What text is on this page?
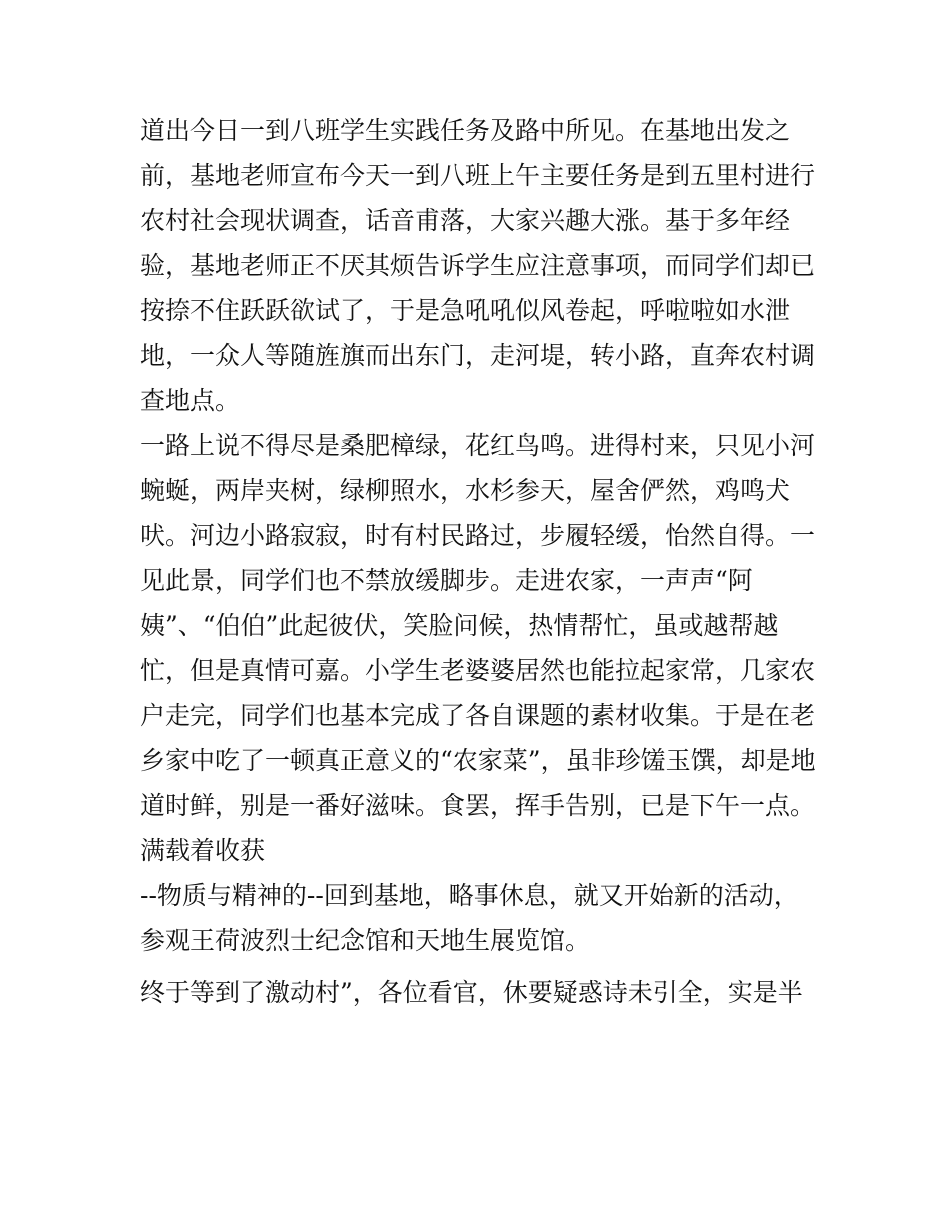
道出今日一到八班学生实践任务及路中所见。在基地出发之
前，基地老师宣布今天一到八班上午主要任务是到五里村进行
农村社会现状调查，话音甫落，大家兴趣大涨。基于多年经
验，基地老师正不厌其烦告诉学生应注意事项，而同学们却已
按捺不住跃跃欲试了，于是急吼吼似风卷起，呼啦啦如水泄
地，一众人等随旌旗而出东门，走河堤，转小路，直奔农村调
查地点。
一路上说不得尽是桑肥樟绿，花红鸟鸣。进得村来，只见小河
蜿蜒，两岸夹树，绿柳照水，水杉参天，屋舍俨然，鸡鸣犬
吠。河边小路寂寂，时有村民路过，步履轻缓，怡然自得。一
见此景，同学们也不禁放缓脚步。走进农家，一声声“阿
姨”、“伯伯”此起彼伏，笑脸问候，热情帮忙，虽或越帮越
忙，但是真情可嘉。小学生老婆婆居然也能拉起家常，几家农
户走完，同学们也基本完成了各自课题的素材收集。于是在老
乡家中吃了一顿真正意义的“农家菜”，虽非珍馐玉馔，却是地
道时鲜，别是一番好滋味。食罢，挥手告别，已是下午一点。
满载着收获
--物质与精神的--回到基地，略事休息，就又开始新的活动，
参观王荷波烈士纪念馆和天地生展览馆。
终于等到了激动村”，各位看官，休要疑惑诗未引全，实是半
